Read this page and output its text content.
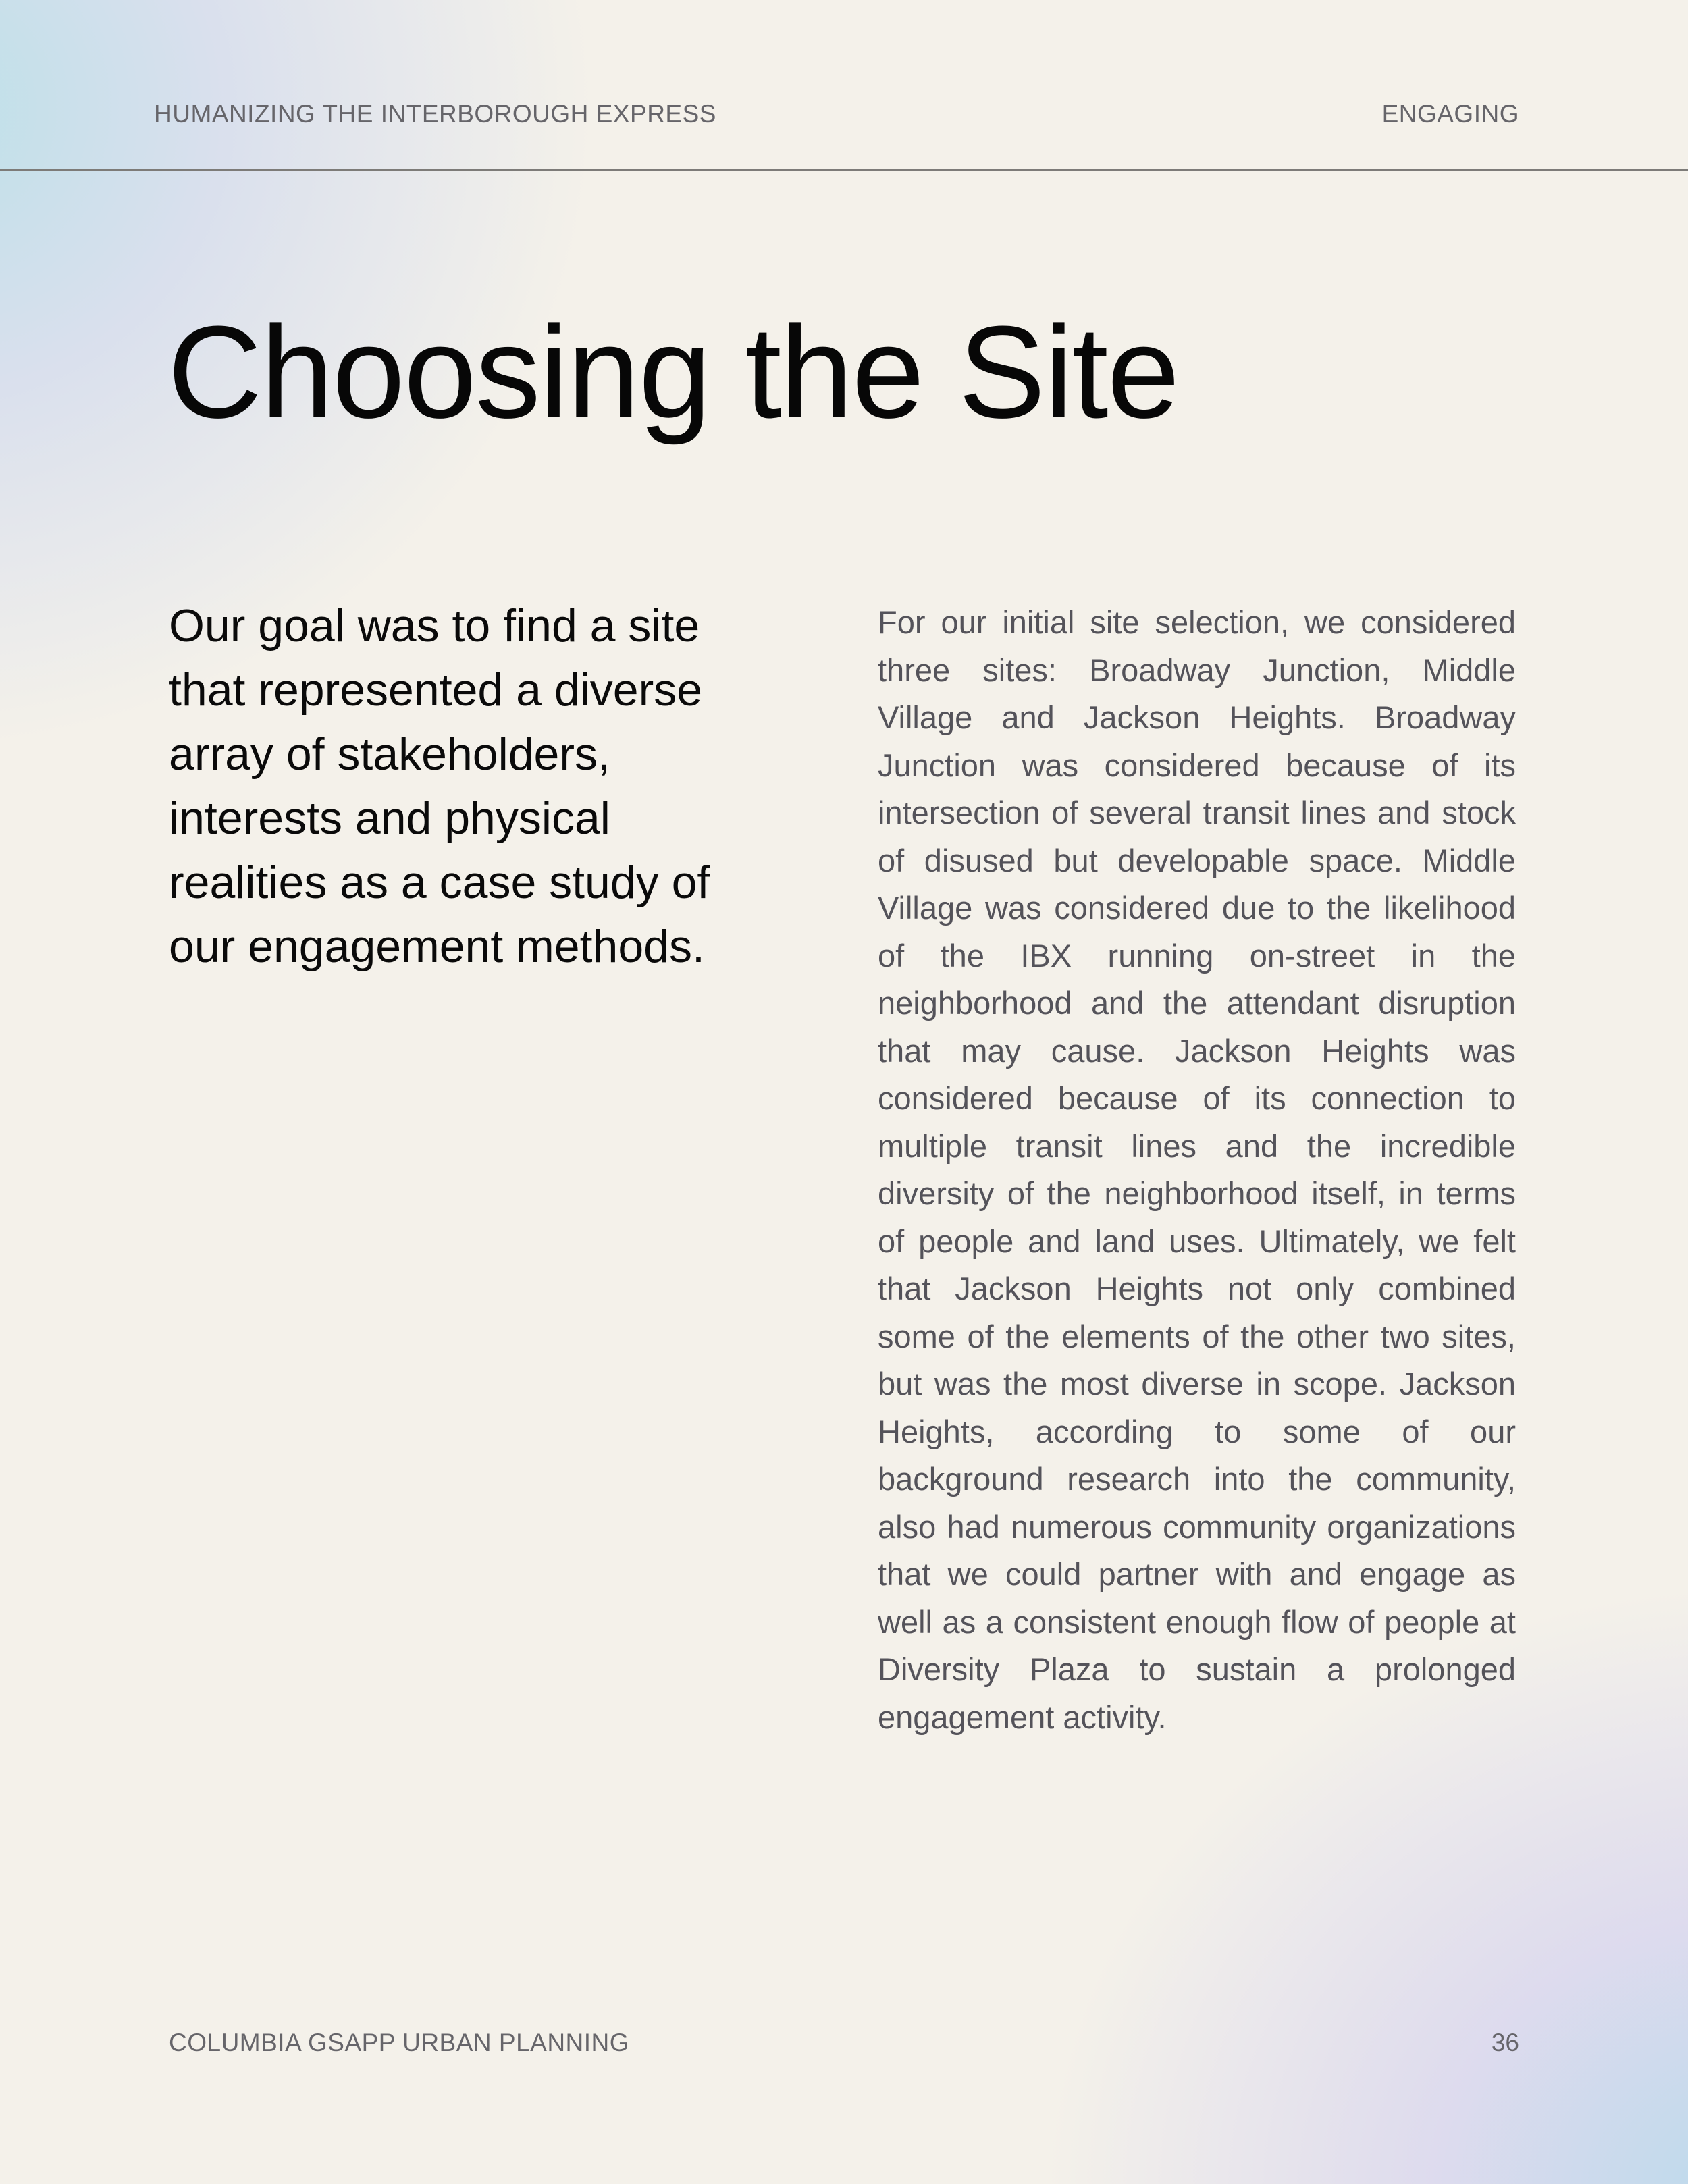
HUMANIZING THE INTERBOROUGH EXPRESS	ENGAGING
Choosing the Site

Our goal was to find a site that represented a diverse array of stakeholders, interests and physical realities as a case study of our engagement methods.

For our initial site selection, we considered three sites: Broadway Junction, Middle Village and Jackson Heights. Broadway Junction was considered because of its intersection of several transit lines and stock of disused but developable space. Middle Village was considered due to the likelihood of the IBX running on-street in the neighborhood and the attendant disruption that may cause. Jackson Heights was considered because of its connection to multiple transit lines and the incredible diversity of the neighborhood itself, in terms of people and land uses. Ultimately, we felt that Jackson Heights not only combined some of the elements of the other two sites, but was the most diverse in scope. Jackson Heights, according to some of our background research into the community, also had numerous community organizations that we could partner with and engage as well as a consistent enough flow of people at Diversity Plaza to sustain a prolonged engagement activity.

COLUMBIA GSAPP URBAN PLANNING	36
